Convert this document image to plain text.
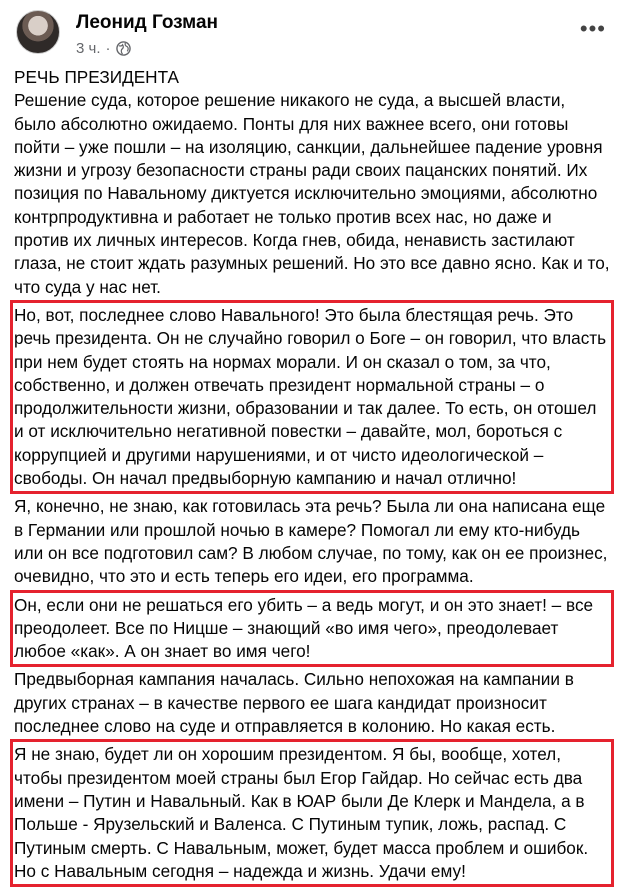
Леонид Гозман
3 ч. ·
•••

РЕЧЬ ПРЕЗИДЕНТА
Решение суда, которое решение никакого не суда, а высшей власти, было абсолютно ожидаемо. Понты для них важнее всего, они готовы пойти – уже пошли – на изоляцию, санкции, дальнейшее падение уровня жизни и угрозу безопасности страны ради своих пацанских понятий. Их позиция по Навальному диктуется исключительно эмоциями, абсолютно контрпродуктивна и работает не только против всех нас, но даже и против их личных интересов. Когда гнев, обида, ненависть застилают глаза, не стоит ждать разумных решений. Но это все давно ясно. Как и то, что суда у нас нет.

Но, вот, последнее слово Навального! Это была блестящая речь. Это речь президента. Он не случайно говорил о Боге – он говорил, что власть при нем будет стоять на нормах морали. И он сказал о том, за что, собственно, и должен отвечать президент нормальной страны – о продолжительности жизни, образовании и так далее. То есть, он отошел и от исключительно негативной повестки – давайте, мол, бороться с коррупцией и другими нарушениями, и от чисто идеологической – свободы. Он начал предвыборную кампанию и начал отлично!

Я, конечно, не знаю, как готовилась эта речь? Была ли она написана еще в Германии или прошлой ночью в камере? Помогал ли ему кто-нибудь или он все подготовил сам? В любом случае, по тому, как он ее произнес, очевидно, что это и есть теперь его идеи, его программа.

Он, если они не решаться его убить – а ведь могут, и он это знает! – все преодолеет. Все по Ницше – знающий «во имя чего», преодолевает любое «как». А он знает во имя чего!

Предвыборная кампания началась. Сильно непохожая на кампании в других странах – в качестве первого ее шага кандидат произносит последнее слово на суде и отправляется в колонию. Но какая есть.

Я не знаю, будет ли он хорошим президентом. Я бы, вообще, хотел, чтобы президентом моей страны был Егор Гайдар. Но сейчас есть два имени – Путин и Навальный. Как в ЮАР были Де Клерк и Мандела, а в Польше - Ярузельский и Валенса. С Путиным тупик, ложь, распад. С Путиным смерть. С Навальным, может, будет масса проблем и ошибок. Но с Навальным сегодня – надежда и жизнь. Удачи ему!
